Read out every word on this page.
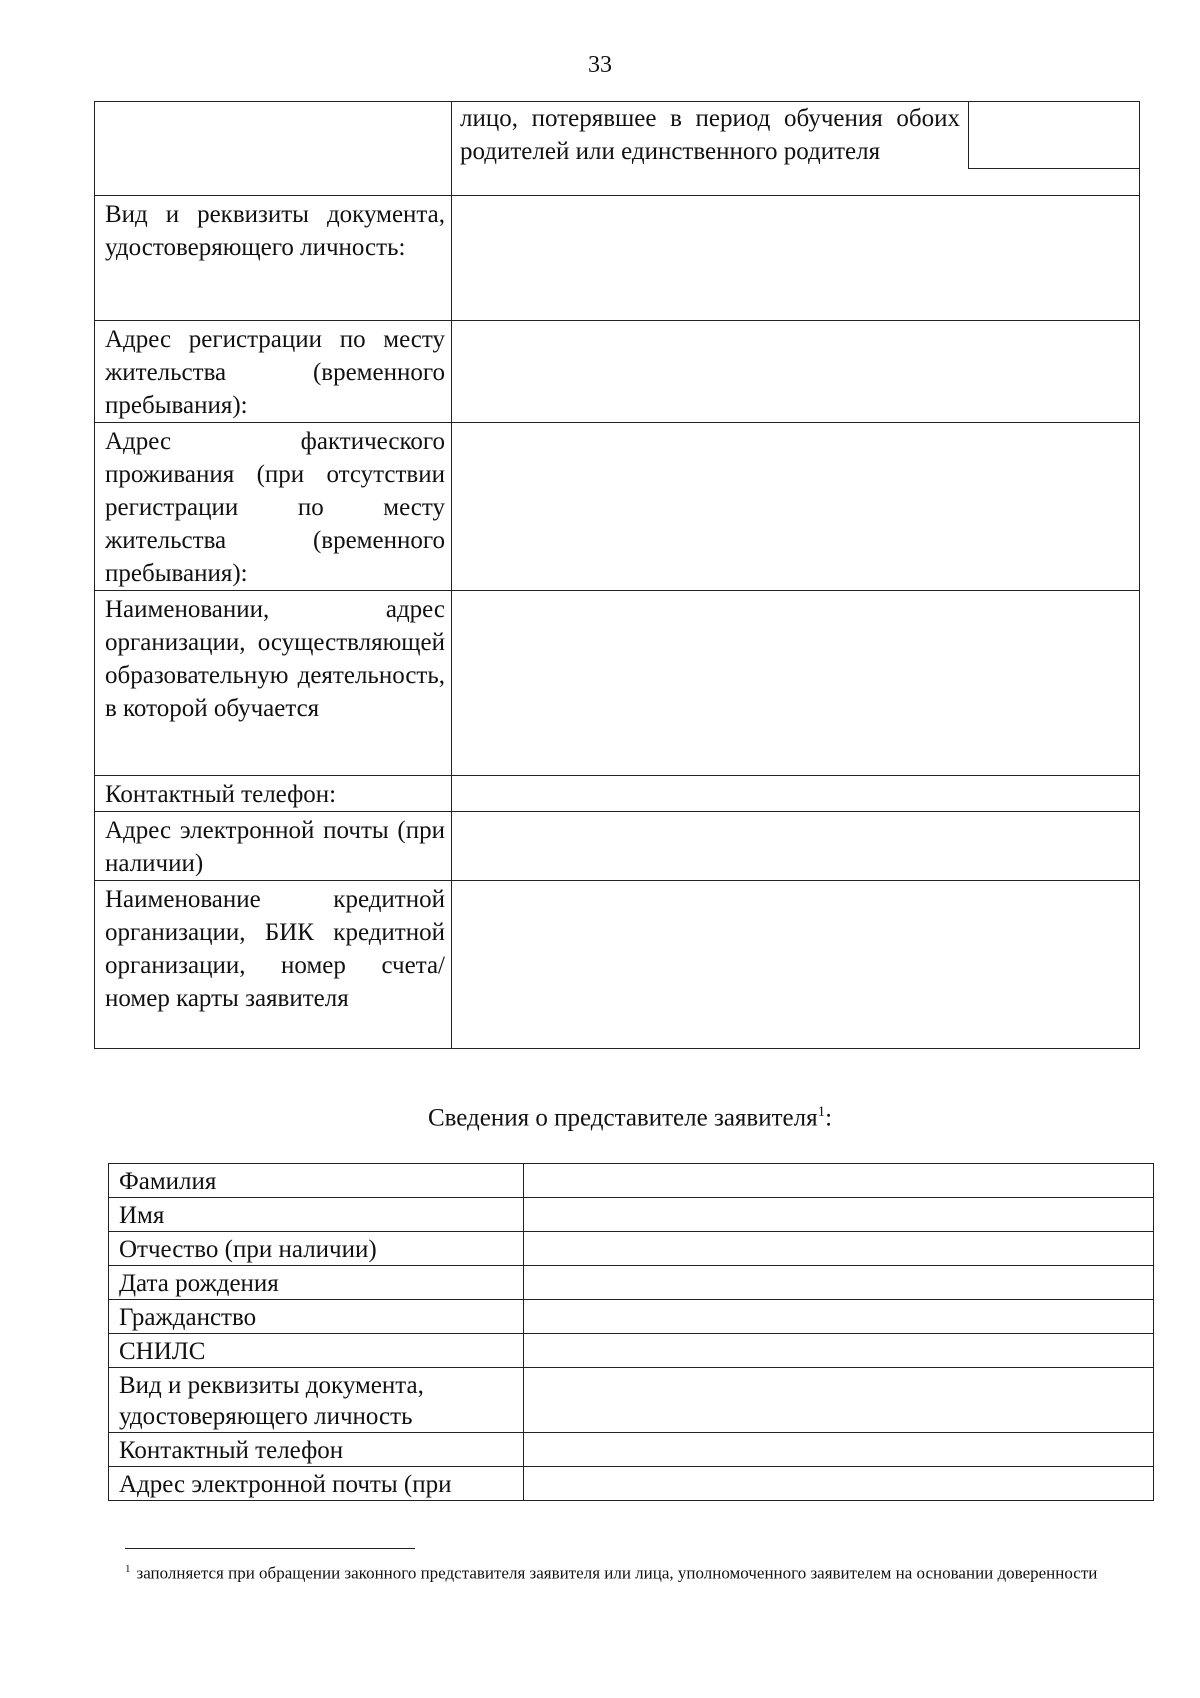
33

	лицо, потерявшее в период обучения обоих родителей или единственного родителя

Вид и реквизиты документа, удостоверяющего личность:	
Адрес регистрации по месту жительства (временного пребывания):	
Адрес фактического проживания (при отсутствии регистрации по месту жительства (временного пребывания):	
Наименовании, адрес организации, осуществляющей образовательную деятельность, в которой обучается	
Контактный телефон:	
Адрес электронной почты (при наличии)	
Наименование кредитной организации, БИК кредитной организации, номер счета/номер карты заявителя	
Сведения о представителе заявителя$^1$:
Фамилия	
Имя	
Отчество (при наличии)	
Дата рождения	
Гражданство	
СНИЛС	
Вид и реквизиты документа, удостоверяющего личность	
Контактный телефон	
Адрес электронной почты (при	
$^1$ заполняется при обращении законного представителя заявителя или лица, уполномоченного заявителем на основании доверенности
